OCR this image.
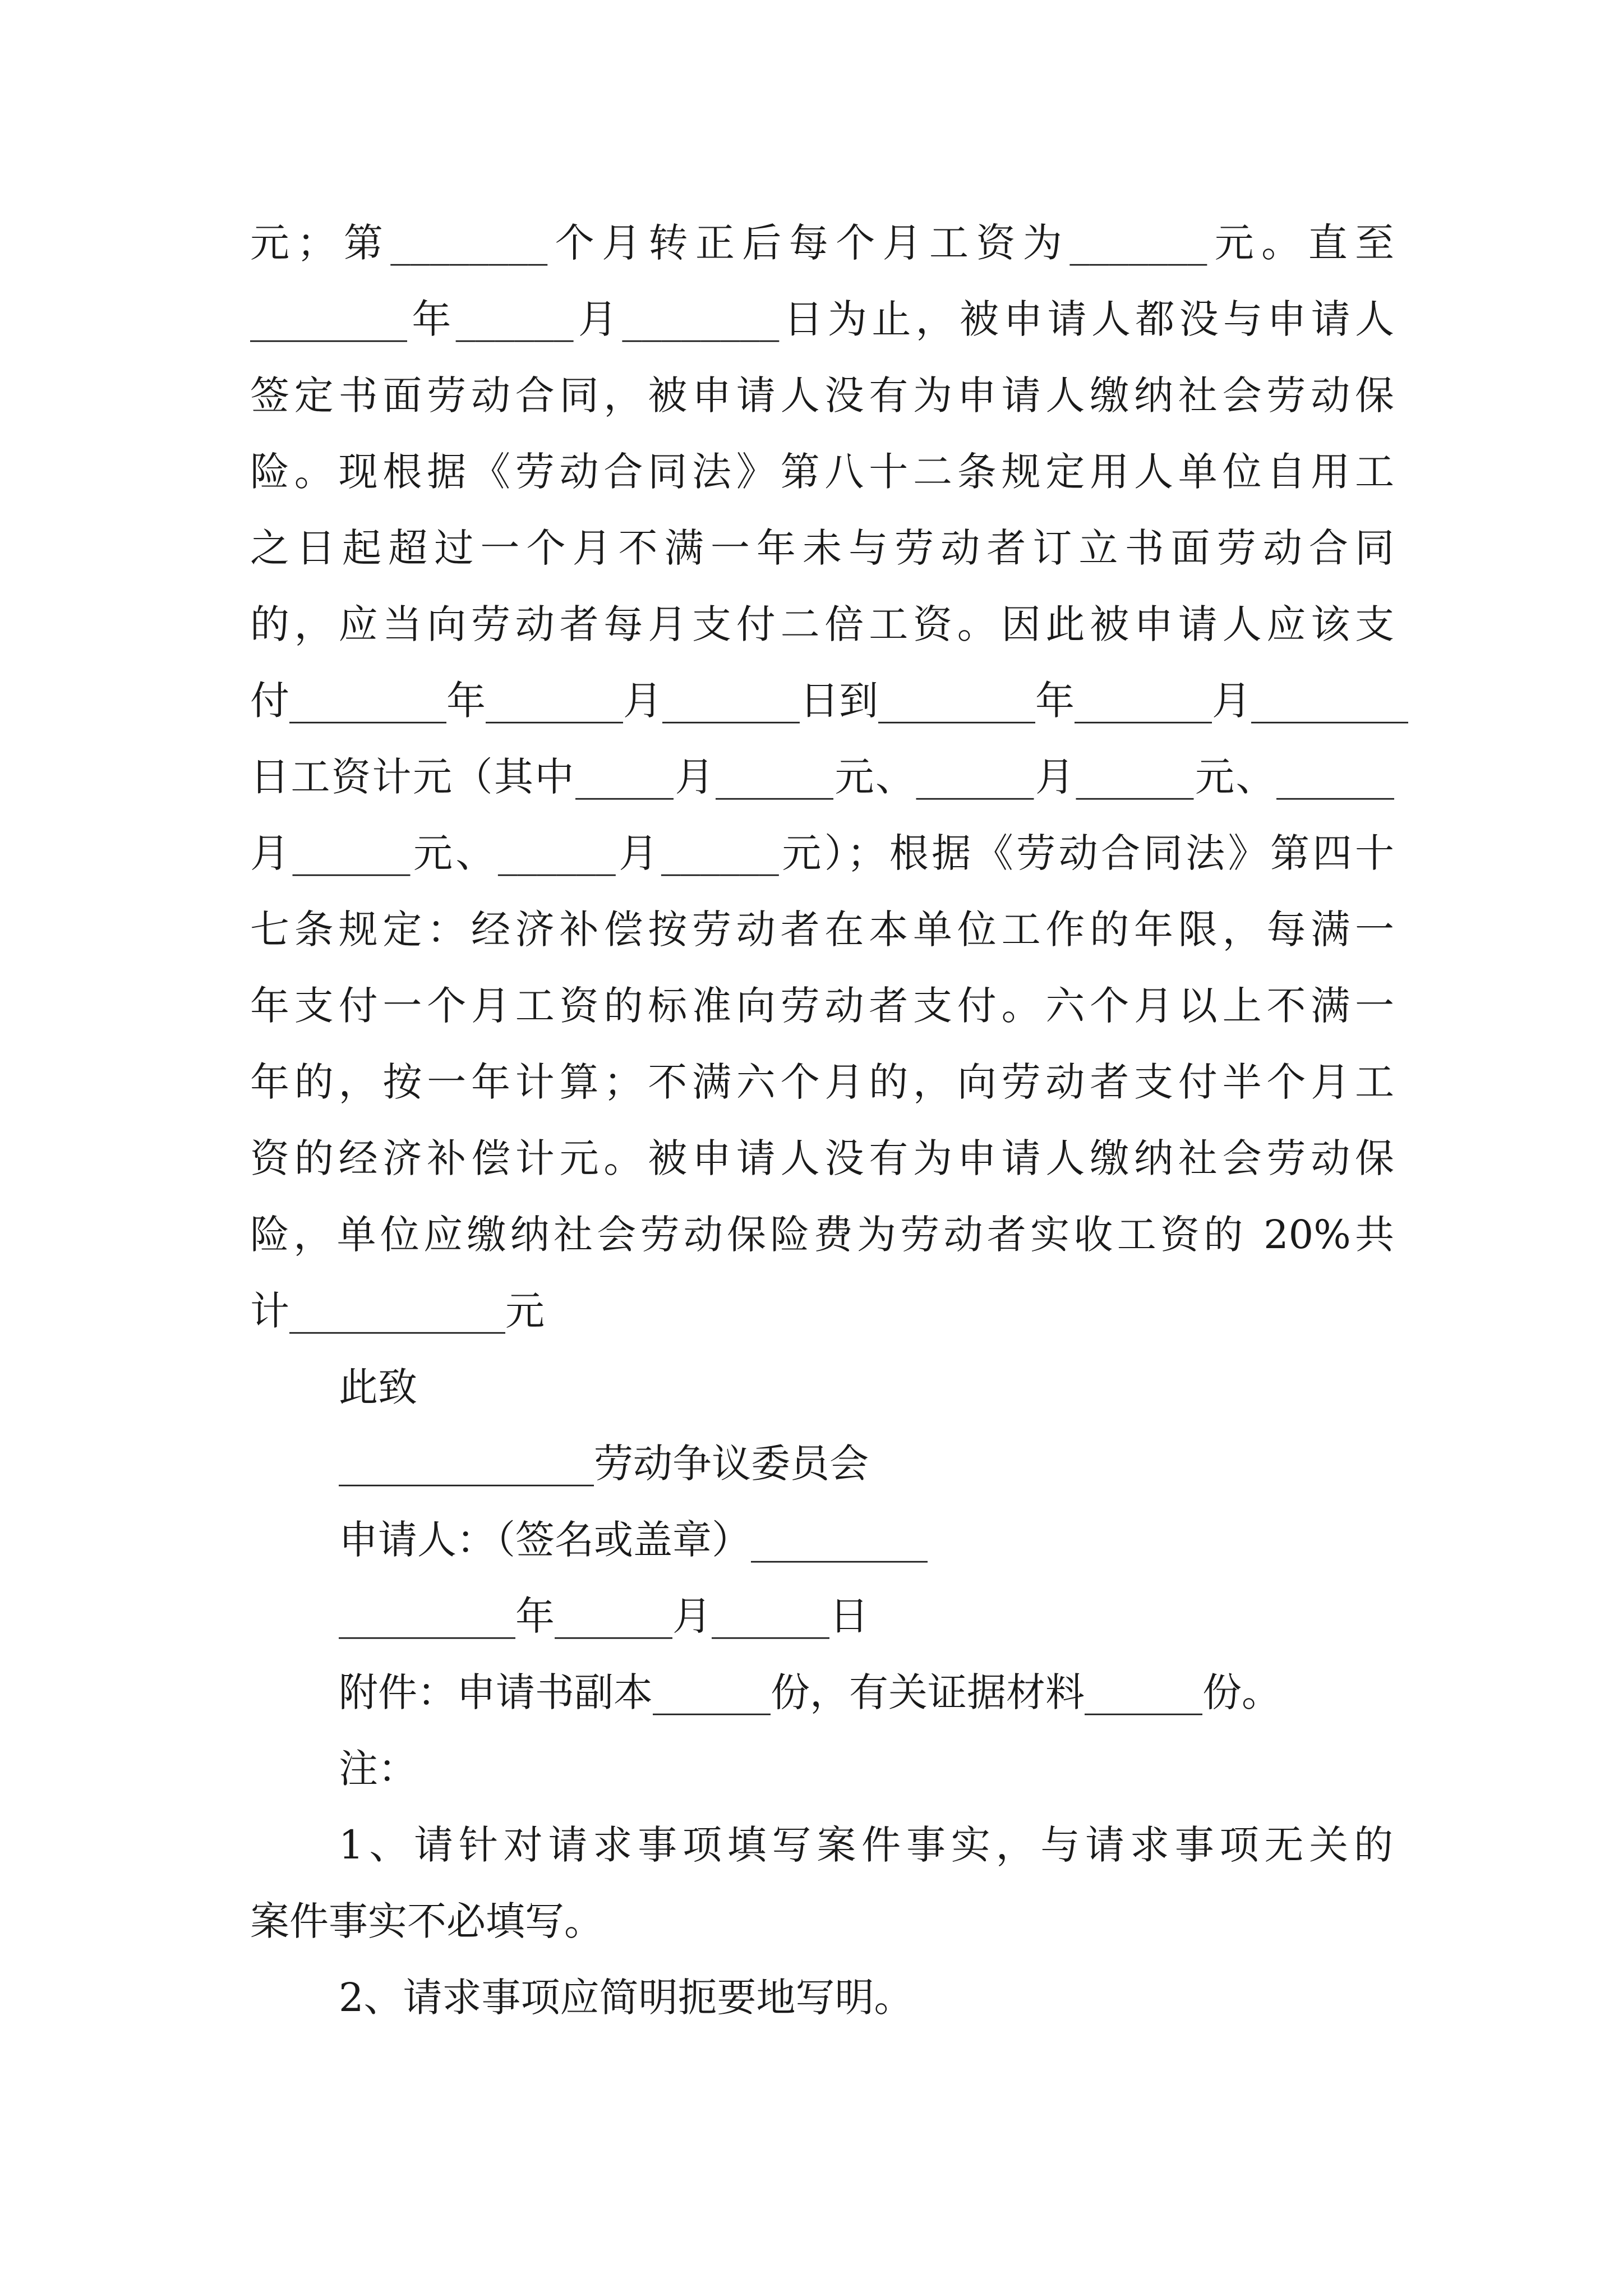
元；第________个月转正后每个月工资为_______元。直至

________年______月________日为止，被申请人都没与申请人

签定书面劳动合同，被申请人没有为申请人缴纳社会劳动保

险。现根据《劳动合同法》第八十二条规定用人单位自用工

之日起超过一个月不满一年未与劳动者订立书面劳动合同

的，应当向劳动者每月支付二倍工资。因此被申请人应该支

付________年_______月_______日到________年_______月________

日工资计元（其中_____月______元、______月______元、______

月______元、______月______元）；根据《劳动合同法》第四十

七条规定：经济补偿按劳动者在本单位工作的年限，每满一

年支付一个月工资的标准向劳动者支付。六个月以上不满一

年的，按一年计算；不满六个月的，向劳动者支付半个月工

资的经济补偿计元。被申请人没有为申请人缴纳社会劳动保

险，单位应缴纳社会劳动保险费为劳动者实收工资的 20%共

计___________元

此致

_____________劳动争议委员会

申请人：（签名或盖章）_________

_________年______月______日

附件：申请书副本______份，有关证据材料______份。

注：

1、请针对请求事项填写案件事实，与请求事项无关的

案件事实不必填写。

2、请求事项应简明扼要地写明。
